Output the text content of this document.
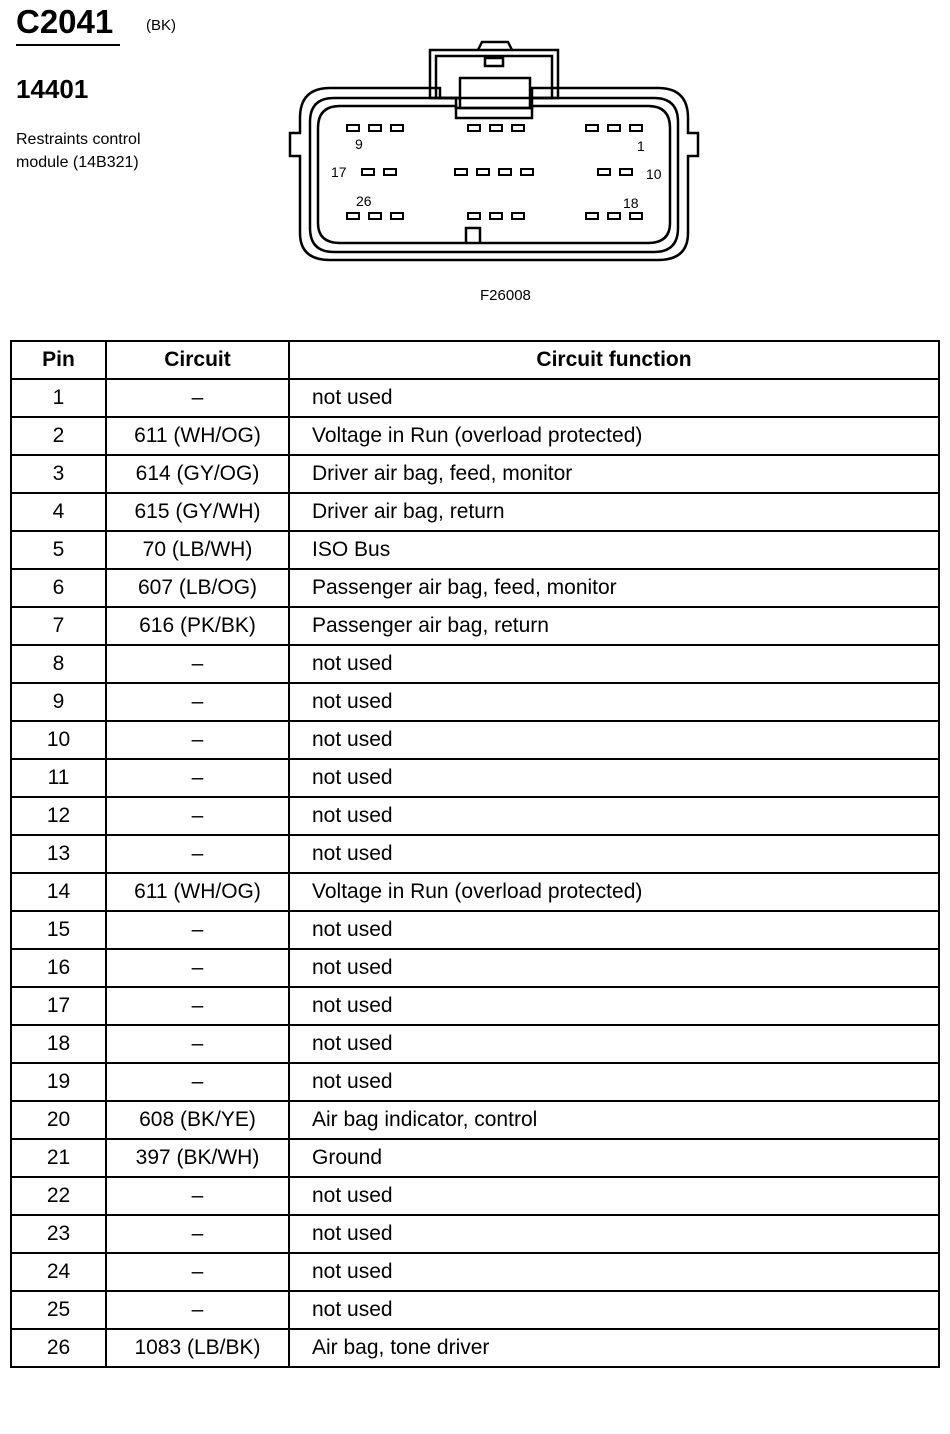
C2041 (BK)
14401
Restraints control
module (14B321)
9	1
17	10
26	18
F26008
Pin	Circuit	Circuit function
1	–	not used
2	611 (WH/OG)	Voltage in Run (overload protected)
3	614 (GY/OG)	Driver air bag, feed, monitor
4	615 (GY/WH)	Driver air bag, return
5	70 (LB/WH)	ISO Bus
6	607 (LB/OG)	Passenger air bag, feed, monitor
7	616 (PK/BK)	Passenger air bag, return
8	–	not used
9	–	not used
10	–	not used
11	–	not used
12	–	not used
13	–	not used
14	611 (WH/OG)	Voltage in Run (overload protected)
15	–	not used
16	–	not used
17	–	not used
18	–	not used
19	–	not used
20	608 (BK/YE)	Air bag indicator, control
21	397 (BK/WH)	Ground
22	–	not used
23	–	not used
24	–	not used
25	–	not used
26	1083 (LB/BK)	Air bag, tone driver
